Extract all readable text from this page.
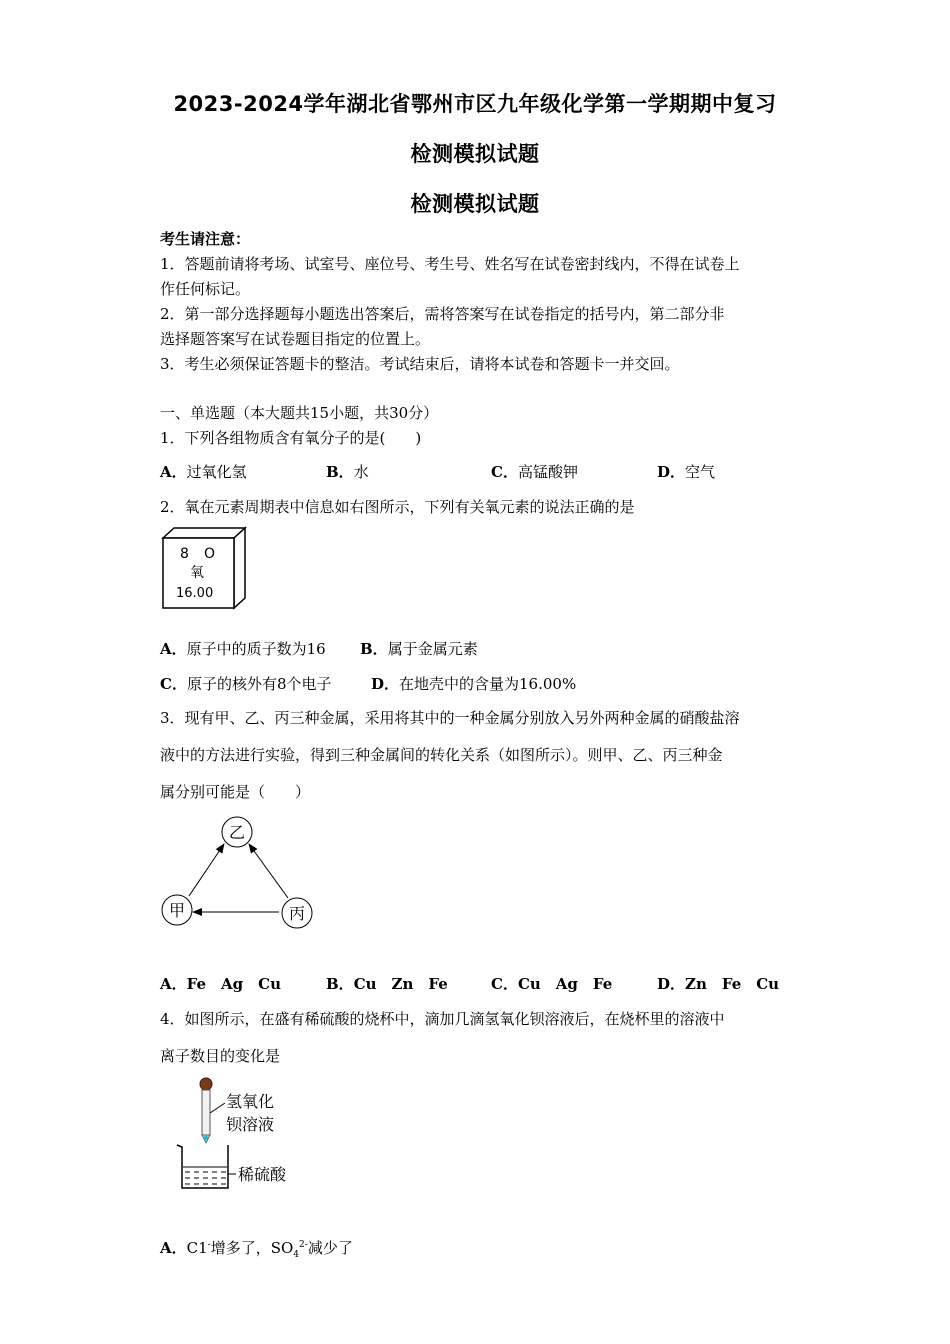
2023-2024学年湖北省鄂州市区九年级化学第一学期期中复习
检测模拟试题
检测模拟试题
考生请注意：
1．答题前请将考场、试室号、座位号、考生号、姓名写在试卷密封线内，不得在试卷上
作任何标记。
2．第一部分选择题每小题选出答案后，需将答案写在试卷指定的括号内，第二部分非
选择题答案写在试卷题目指定的位置上。
3．考生必须保证答题卡的整洁。考试结束后，请将本试卷和答题卡一并交回。
一、单选题（本大题共15小题，共30分）
1．下列各组物质含有氧分子的是(　　)
A．过氧化氢	B．水	C．高锰酸钾	D．空气
2．氧在元素周期表中信息如右图所示，下列有关氧元素的说法正确的是
8 O
氧
16.00
A．原子中的质子数为16 B．属于金属元素
C．原子的核外有8个电子	D．在地壳中的含量为16.00%
3．现有甲、乙、丙三种金属，采用将其中的一种金属分别放入另外两种金属的硝酸盐溶
液中的方法进行实验，得到三种金属间的转化关系（如图所示）。则甲、乙、丙三种金
属分别可能是（　　）
乙
甲	丙
A．Fe　Ag　Cu	B．Cu　Zn　Fe	C．Cu　Ag　Fe	D．Zn　Fe　Cu
4．如图所示，在盛有稀硫酸的烧杯中，滴加几滴氢氧化钡溶液后，在烧杯里的溶液中
离子数目的变化是
氢氧化
钡溶液
稀硫酸
A．C1-增多了，$SO_4^{2-}$减少了
